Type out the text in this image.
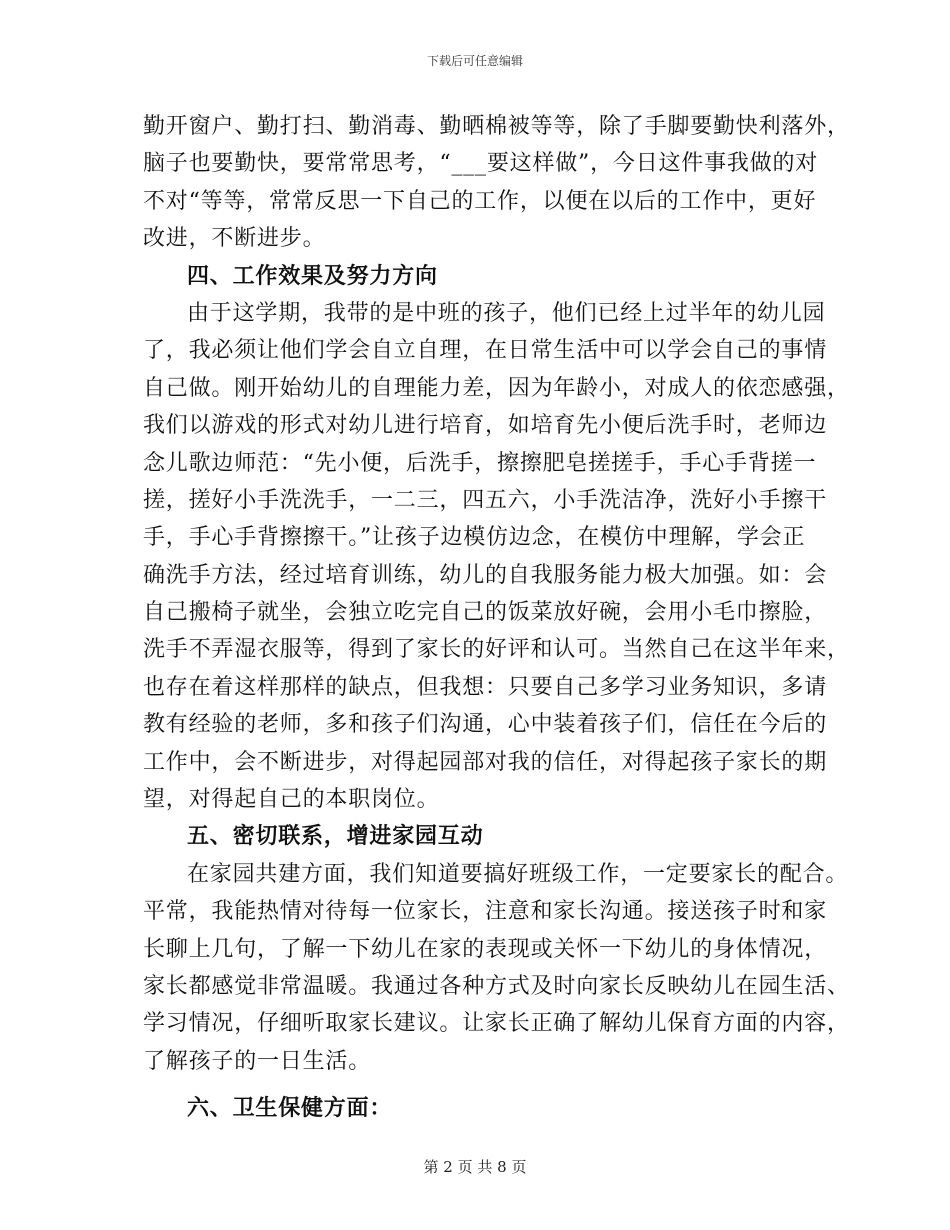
下载后可任意编辑
勤开窗户、勤打扫、勤消毒、勤晒棉被等等，除了手脚要勤快利落外，
脑子也要勤快，要常常思考，“___要这样做”，今日这件事我做的对
不对“等等，常常反思一下自己的工作，以便在以后的工作中，更好
改进，不断进步。
四、工作效果及努力方向
由于这学期，我带的是中班的孩子，他们已经上过半年的幼儿园
了，我必须让他们学会自立自理，在日常生活中可以学会自己的事情
自己做。刚开始幼儿的自理能力差，因为年龄小，对成人的依恋感强，
我们以游戏的形式对幼儿进行培育，如培育先小便后洗手时，老师边
念儿歌边师范：“先小便，后洗手，擦擦肥皂搓搓手，手心手背搓一
搓，搓好小手洗洗手，一二三，四五六，小手洗洁净，洗好小手擦干
手，手心手背擦擦干。”让孩子边模仿边念，在模仿中理解，学会正
确洗手方法，经过培育训练，幼儿的自我服务能力极大加强。如：会
自己搬椅子就坐，会独立吃完自己的饭菜放好碗，会用小毛巾擦脸，
洗手不弄湿衣服等，得到了家长的好评和认可。当然自己在这半年来，
也存在着这样那样的缺点，但我想：只要自己多学习业务知识，多请
教有经验的老师，多和孩子们沟通，心中装着孩子们，信任在今后的
工作中，会不断进步，对得起园部对我的信任，对得起孩子家长的期
望，对得起自己的本职岗位。
五、密切联系，增进家园互动
在家园共建方面，我们知道要搞好班级工作，一定要家长的配合。
平常，我能热情对待每一位家长，注意和家长沟通。接送孩子时和家
长聊上几句，了解一下幼儿在家的表现或关怀一下幼儿的身体情况，
家长都感觉非常温暖。我通过各种方式及时向家长反映幼儿在园生活、
学习情况，仔细听取家长建议。让家长正确了解幼儿保育方面的内容，
了解孩子的一日生活。
六、卫生保健方面：
第 2 页 共 8 页
